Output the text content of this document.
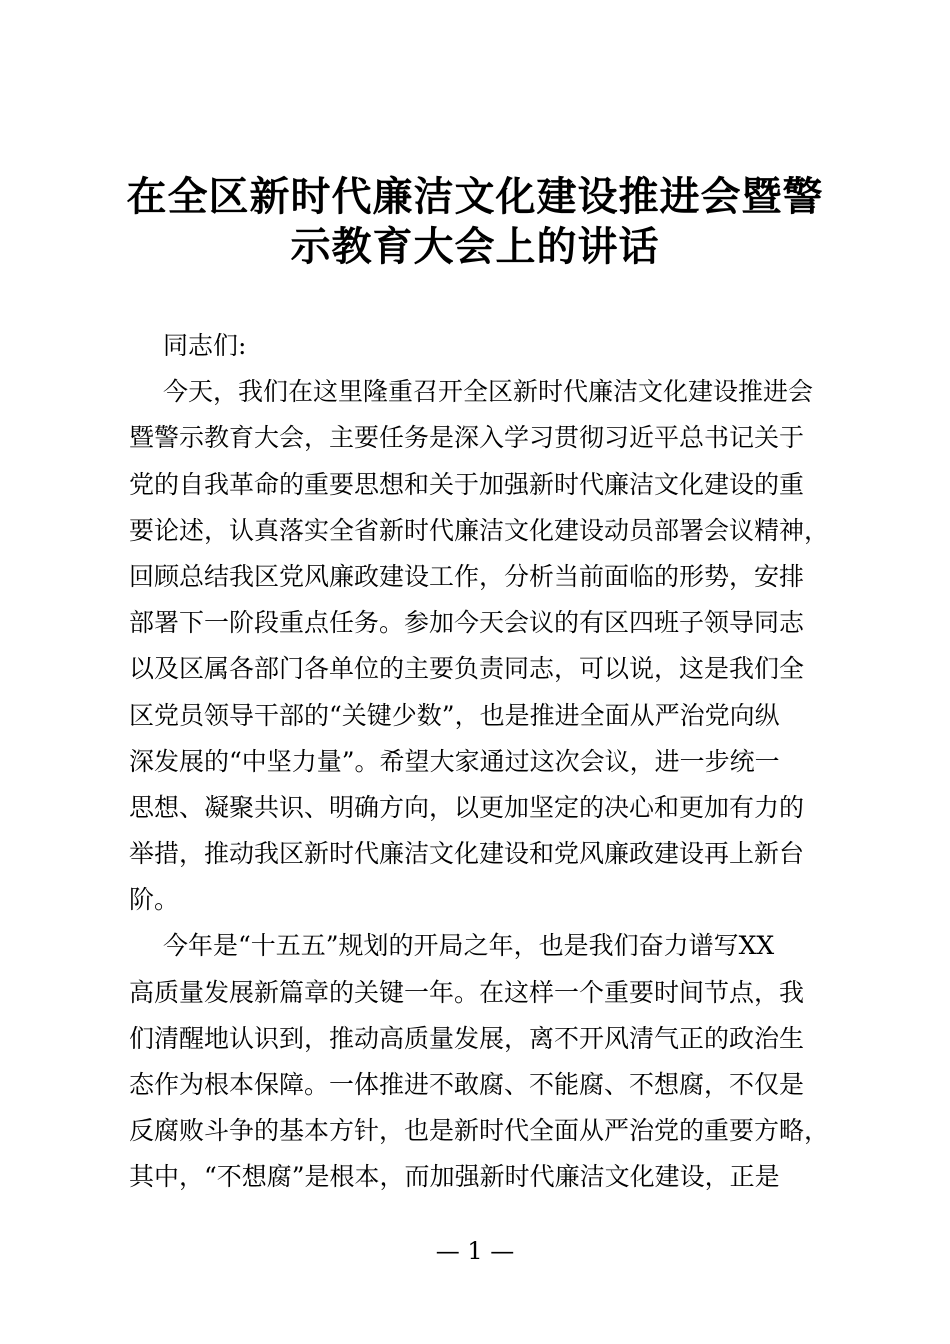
在全区新时代廉洁文化建设推进会暨警
示教育大会上的讲话
同志们:
今天，我们在这里隆重召开全区新时代廉洁文化建设推进会
暨警示教育大会，主要任务是深入学习贯彻习近平总书记关于
党的自我革命的重要思想和关于加强新时代廉洁文化建设的重
要论述，认真落实全省新时代廉洁文化建设动员部署会议精神，
回顾总结我区党风廉政建设工作，分析当前面临的形势，安排
部署下一阶段重点任务。参加今天会议的有区四班子领导同志
以及区属各部门各单位的主要负责同志，可以说，这是我们全
区党员领导干部的“关键少数”，也是推进全面从严治党向纵
深发展的“中坚力量”。希望大家通过这次会议，进一步统一
思想、凝聚共识、明确方向，以更加坚定的决心和更加有力的
举措，推动我区新时代廉洁文化建设和党风廉政建设再上新台
阶。
今年是“十五五”规划的开局之年，也是我们奋力谱写XX
高质量发展新篇章的关键一年。在这样一个重要时间节点，我
们清醒地认识到，推动高质量发展，离不开风清气正的政治生
态作为根本保障。一体推进不敢腐、不能腐、不想腐，不仅是
反腐败斗争的基本方针，也是新时代全面从严治党的重要方略，
其中，“不想腐”是根本，而加强新时代廉洁文化建设，正是
— 1 —
